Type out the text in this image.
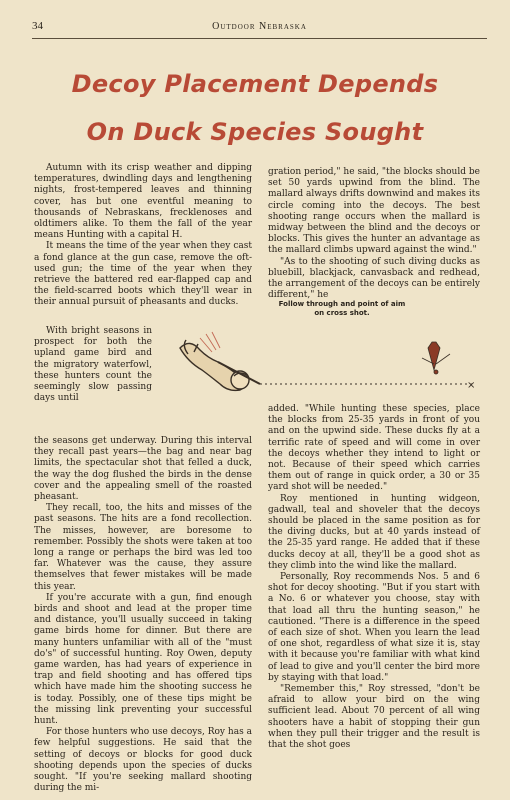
34	Outdoor Nebraska
Decoy Placement Depends
On Duck Species Sought

Autumn with its crisp weather and dipping temperatures, dwindling days and lengthening nights, frost-tempered leaves and thinning cover, has but one eventful meaning to thousands of Nebraskans, frecklenoses and oldtimers alike. To them the fall of the year means Hunting with a capital H.

It means the time of the year when they cast a fond glance at the gun case, remove the oft-used gun; the time of the year when they retrieve the battered red ear-flapped cap and the field-scarred boots which they'll wear in their annual pursuit of pheasants and ducks.

With bright seasons in prospect for both the upland game bird and the migratory waterfowl, these hunters count the seemingly slow passing days until

the seasons get underway. During this interval they recall past years—the bag and near bag limits, the spectacular shot that felled a duck, the way the dog flushed the birds in the dense cover and the appealing smell of the roasted pheasant.

They recall, too, the hits and misses of the past seasons. The hits are a fond recollection. The misses, however, are boresome to remember. Possibly the shots were taken at too long a range or perhaps the bird was led too far. Whatever was the cause, they assure themselves that fewer mistakes will be made this year.

If you're accurate with a gun, find enough birds and shoot and lead at the proper time and distance, you'll usually succeed in taking game birds home for dinner. But there are many hunters unfamiliar with all of the "must do's" of successful hunting. Roy Owen, deputy game warden, has had years of experience in trap and field shooting and has offered tips which have made him the shooting success he is today. Possibly, one of these tips might be the missing link preventing your successful hunt.

For those hunters who use decoys, Roy has a few helpful suggestions. He said that the setting of decoys or blocks for good duck shooting depends upon the species of ducks sought. "If you're seeking mallard shooting during the mi-

gration period," he said, "the blocks should be set 50 yards upwind from the blind. The mallard always drifts downwind and makes its circle coming into the decoys. The best shooting range occurs when the mallard is midway between the blind and the decoys or blocks. This gives the hunter an advantage as the mallard climbs upward against the wind."

"As to the shooting of such diving ducks as bluebill, blackjack, canvasback and redhead, the arrangement of the decoys can be entirely different," he

Follow through and point of aim on cross shot.
×

added. "While hunting these species, place the blocks from 25-35 yards in front of you and on the upwind side. These ducks fly at a terrific rate of speed and will come in over the decoys whether they intend to light or not. Because of their speed which carries them out of range in quick order, a 30 or 35 yard shot will be needed."

Roy mentioned in hunting widgeon, gadwall, teal and shoveler that the decoys should be placed in the same position as for the diving ducks, but at 40 yards instead of the 25-35 yard range. He added that if these ducks decoy at all, they'll be a good shot as they climb into the wind like the mallard.

Personally, Roy recommends Nos. 5 and 6 shot for decoy shooting. "But if you start with a No. 6 or whatever you choose, stay with that load all thru the hunting season," he cautioned. "There is a difference in the speed of each size of shot. When you learn the lead of one shot, regardless of what size it is, stay with it because you're familiar with what kind of lead to give and you'll center the bird more by staying with that load."

"Remember this," Roy stressed, "don't be afraid to allow your bird on the wing sufficient lead. About 70 percent of all wing shooters have a habit of stopping their gun when they pull their trigger and the result is that the shot goes
